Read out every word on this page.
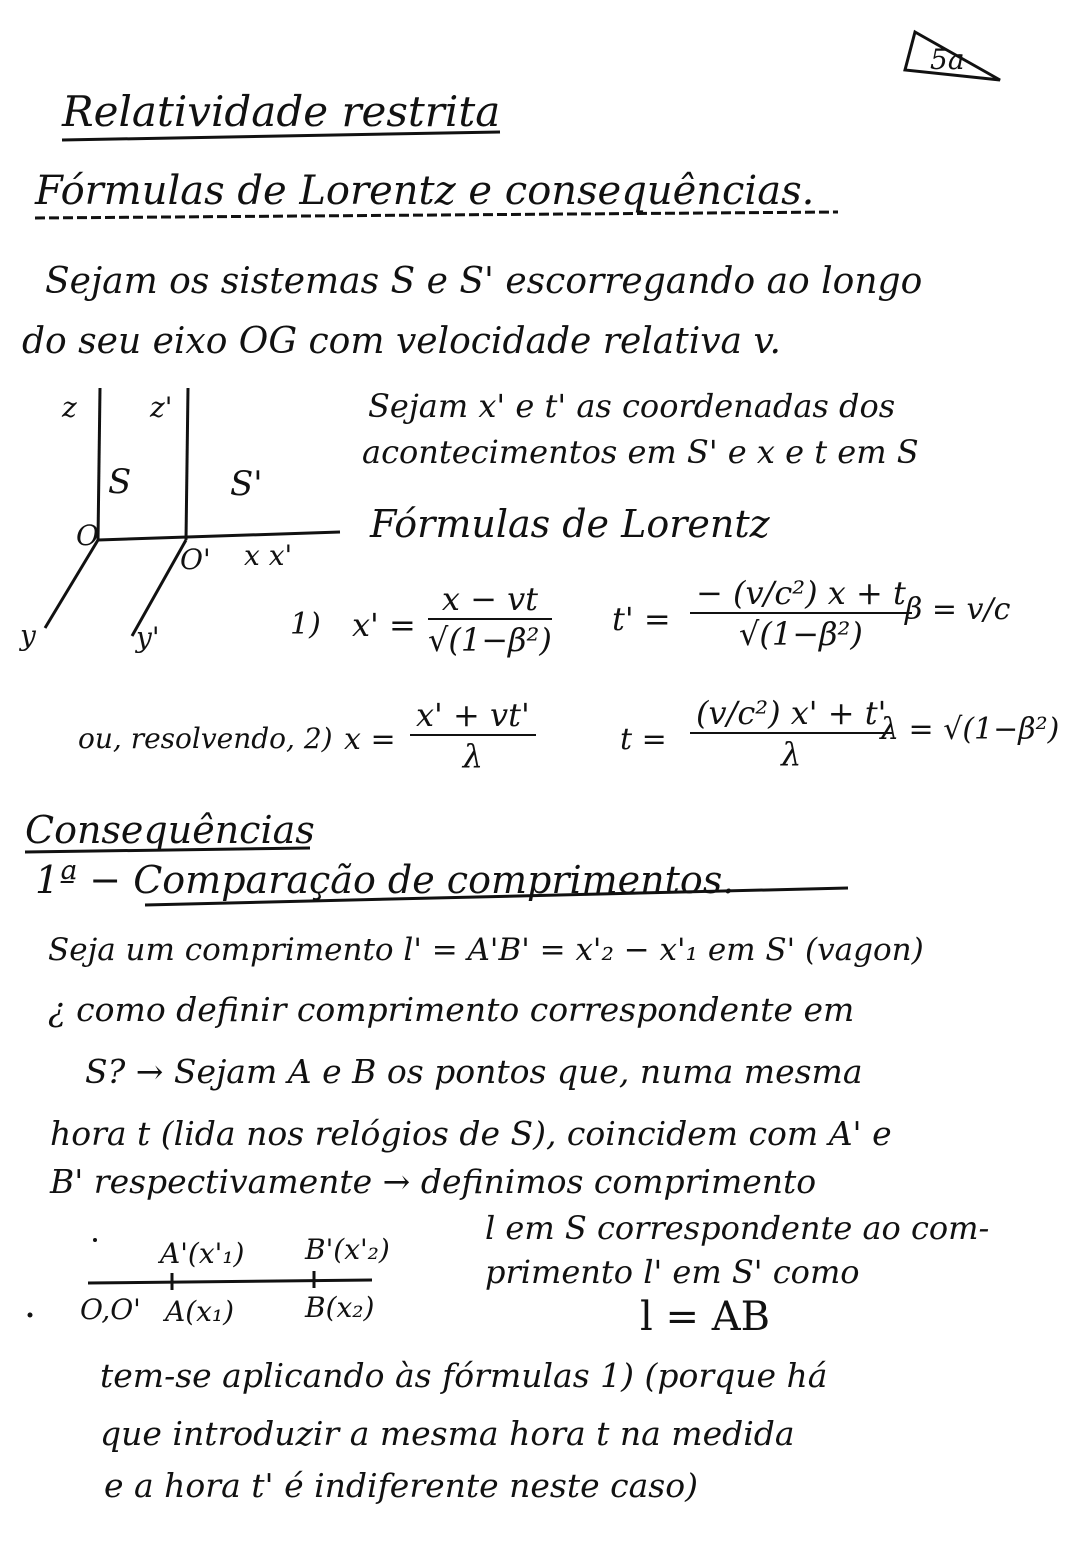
5a
Relatividade restrita
Fórmulas de Lorentz e consequências.
Sejam os sistemas S e S' escorregando ao longo
do seu eixo OG com velocidade relativa v.
z	z'
S	S'
O
O' x x'
y	y'
Sejam x' e t' as coordenadas dos
acontecimentos em S' e x e t em S
Fórmulas de Lorentz
1) $x' = \frac{x - vt}{\text{√(1−β²)}} t' = \frac{\text{− (v/c²) x + t}}{\text{√(1−β²)}}$
β = v/c
ou, resolvendo, 2) $x = \frac{x' + vt'}{\lambda}$	$t = \frac{\text{(v/c²) x' + t'}}{\lambda}$
λ = √(1−β²)
Consequências
1ª − Comparação de comprimentos.
Seja um comprimento l' = A'B' = x'₂ − x'₁ em S' (vagon)
¿ como definir comprimento correspondente em
S? → Sejam A e B os pontos que, numa mesma
hora t (lida nos relógios de S), coincidem com A' e
B' respectivamente → definimos comprimento
l em S correspondente ao com-
primento l' em S' como
A'(x'₁) B'(x'₂)
O,O' A(x₁)	B(x₂)	l = AB
tem-se aplicando às fórmulas 1) (porque há
que introduzir a mesma hora t na medida
e a hora t' é indiferente neste caso)
